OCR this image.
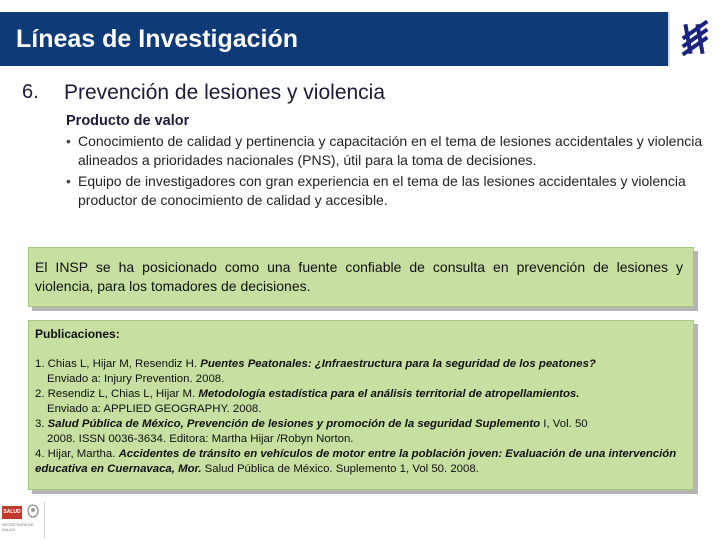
Líneas de Investigación
6. Prevención de lesiones y violencia
Producto de valor
• Conocimiento de calidad y pertinencia y capacitación en el tema de lesiones accidentales y violencia alineados a prioridades nacionales (PNS), útil para la toma de decisiones.
• Equipo de investigadores con gran experiencia en el tema de las lesiones accidentales y violencia productor de conocimiento de calidad y accesible.
El INSP se ha posicionado como una fuente confiable de consulta en prevención de lesiones y violencia, para los tomadores de decisiones.
Publicaciones:
1. Chias L, Hijar M, Resendiz H. Puentes Peatonales: ¿Infraestructura para la seguridad de los peatones?
Enviado a: Injury Prevention. 2008.
2. Resendiz L, Chias L, Hijar M. Metodología estadística para el análisis territorial de atropellamientos.
Enviado a: APPLIED GEOGRAPHY. 2008.
3. Salud Pública de México, Prevención de lesiones y promoción de la seguridad Suplemento I, Vol. 50
2008. ISSN 0036-3634. Editora: Martha Hijar /Robyn Norton.
4. Hijar, Martha. Accidentes de tránsito en vehículos de motor entre la población joven: Evaluación de una intervención educativa en Cuernavaca, Mor. Salud Pública de México. Suplemento 1, Vol 50. 2008.
SALUD
SECRETARÍA DE SALUD
